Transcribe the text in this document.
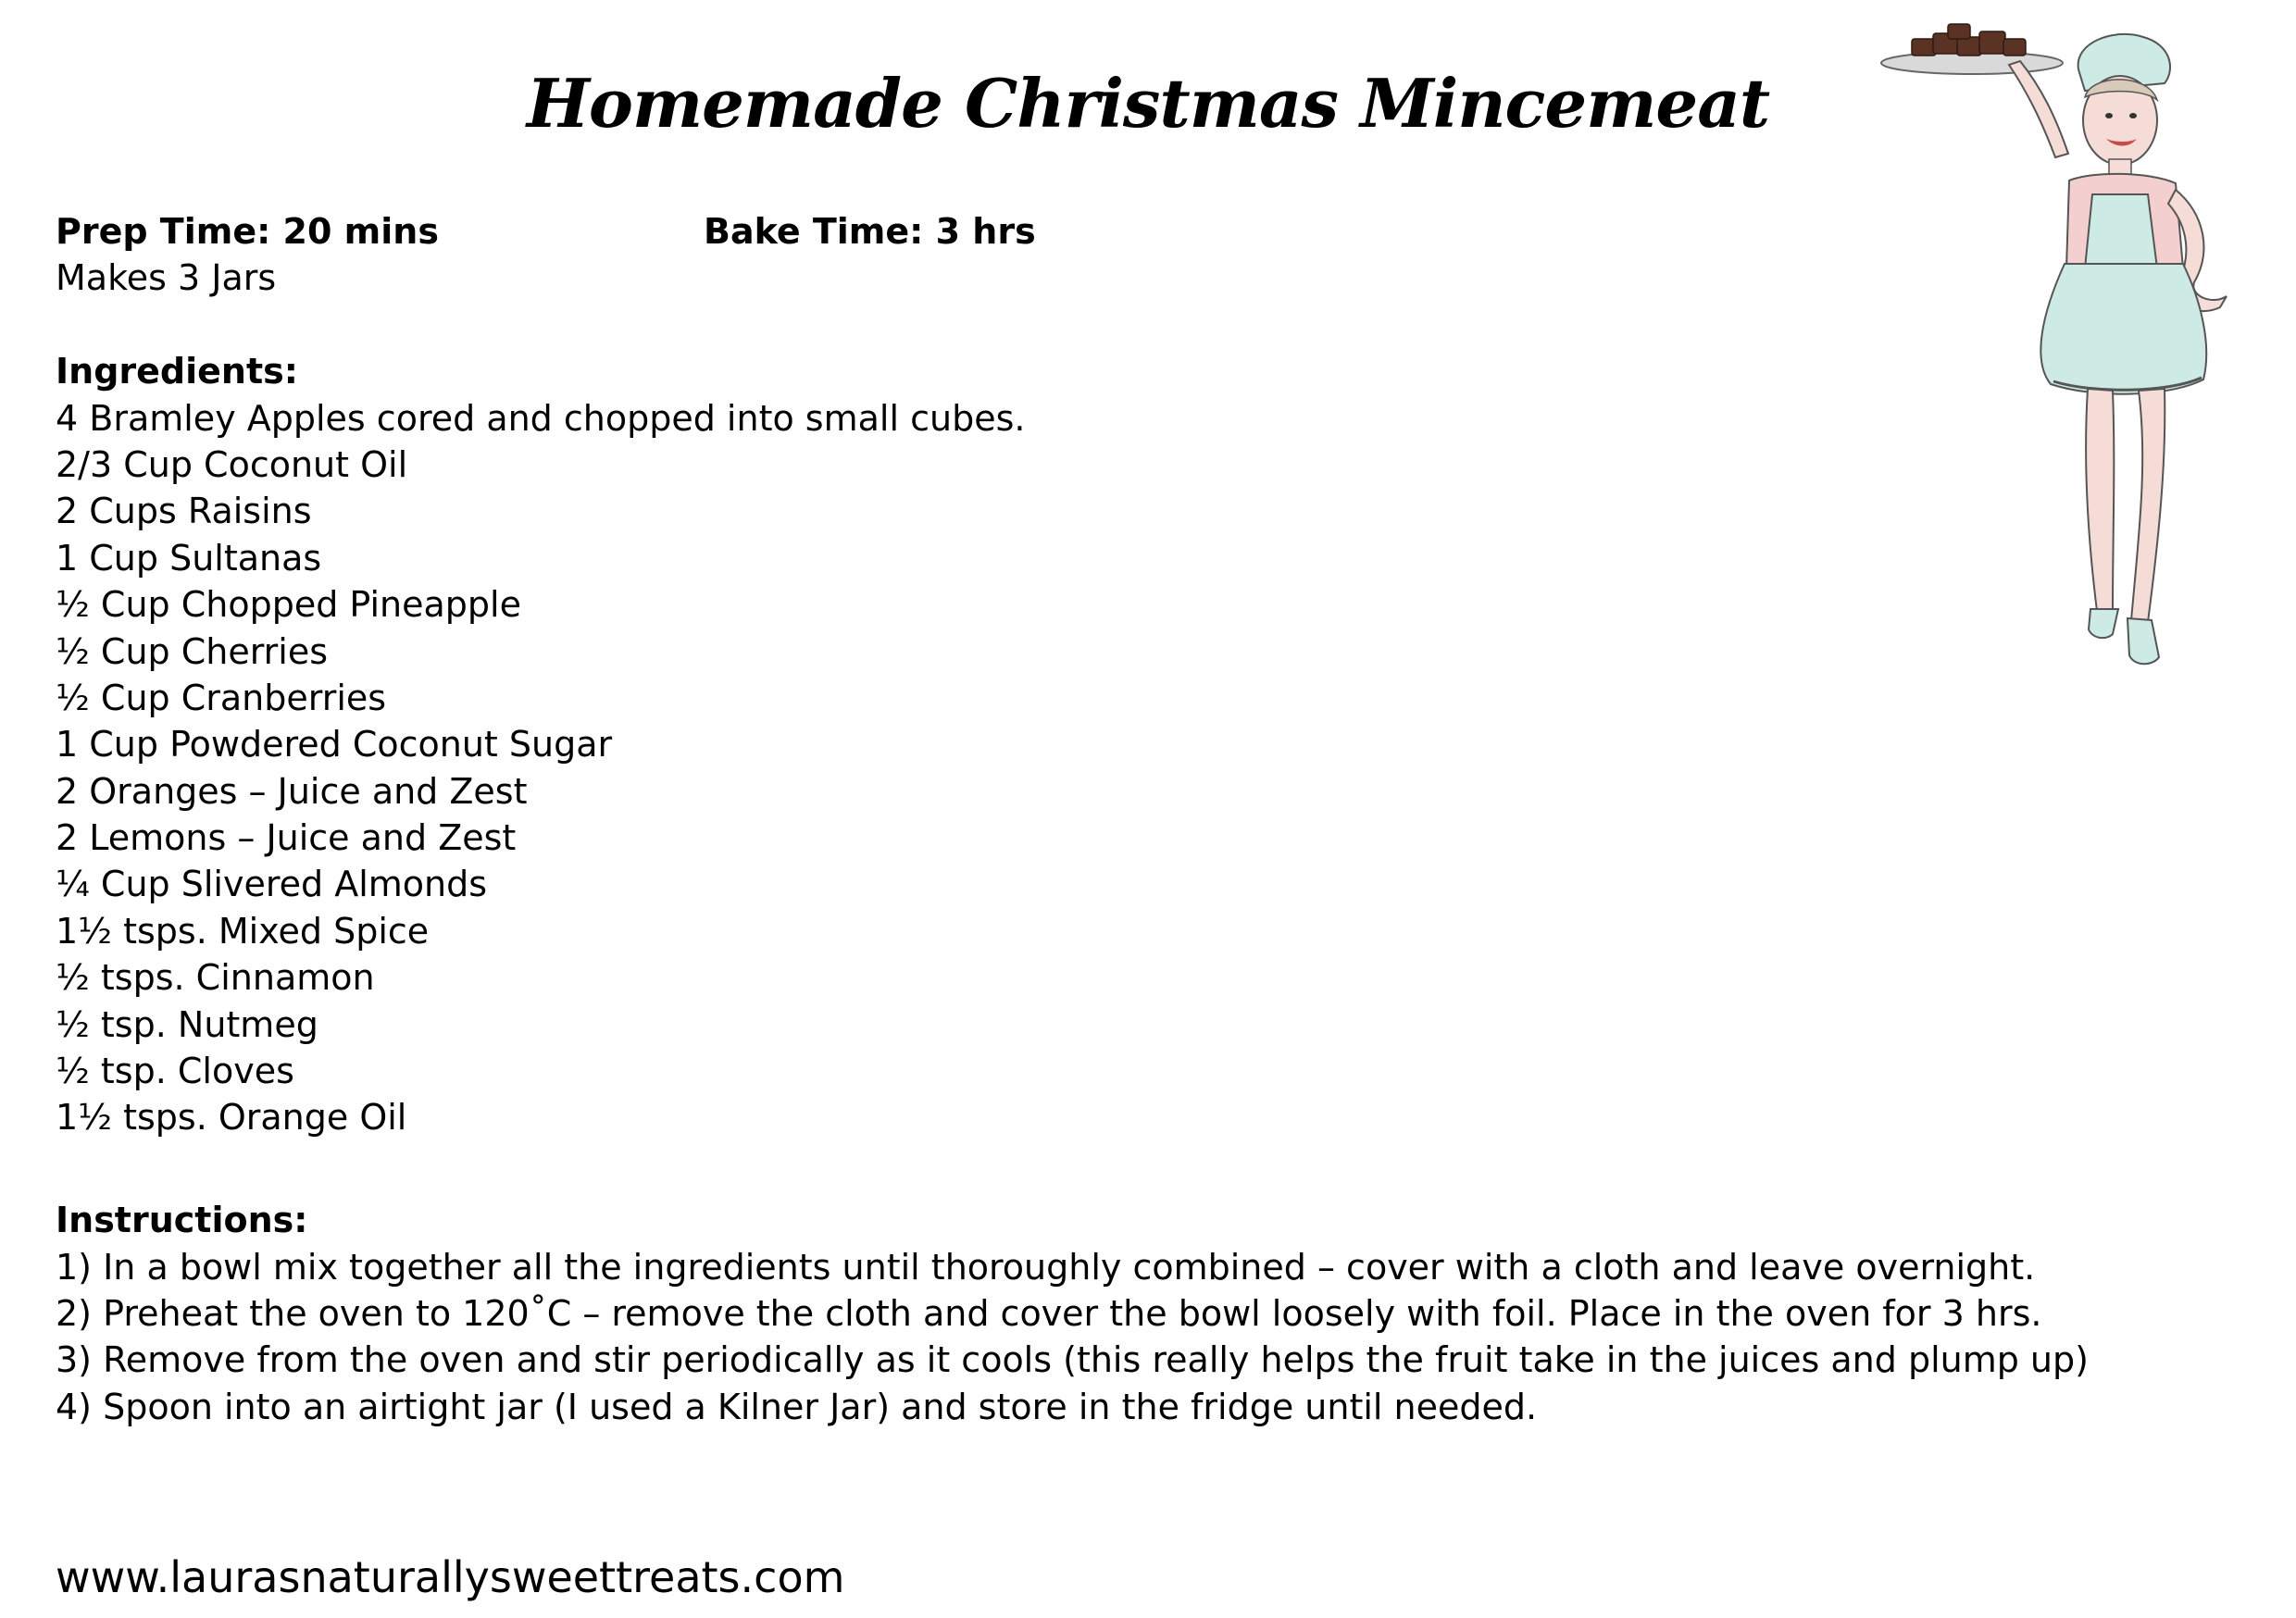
Homemade Christmas Mincemeat
Prep Time: 20 mins	Bake Time: 3 hrs
Makes 3 Jars
Ingredients:
4 Bramley Apples cored and chopped into small cubes.
2/3 Cup Coconut Oil
2 Cups Raisins
1 Cup Sultanas
½ Cup Chopped Pineapple
½ Cup Cherries
½ Cup Cranberries
1 Cup Powdered Coconut Sugar
2 Oranges – Juice and Zest
2 Lemons – Juice and Zest
¼ Cup Slivered Almonds
1½ tsps. Mixed Spice
½ tsps. Cinnamon
½ tsp. Nutmeg
½ tsp. Cloves
1½ tsps. Orange Oil
Instructions:
1) In a bowl mix together all the ingredients until thoroughly combined – cover with a cloth and leave overnight.
2) Preheat the oven to 120˚C – remove the cloth and cover the bowl loosely with foil. Place in the oven for 3 hrs.
3) Remove from the oven and stir periodically as it cools (this really helps the fruit take in the juices and plump up)
4) Spoon into an airtight jar (I used a Kilner Jar) and store in the fridge until needed.
www.laurasnaturallysweettreats.com
